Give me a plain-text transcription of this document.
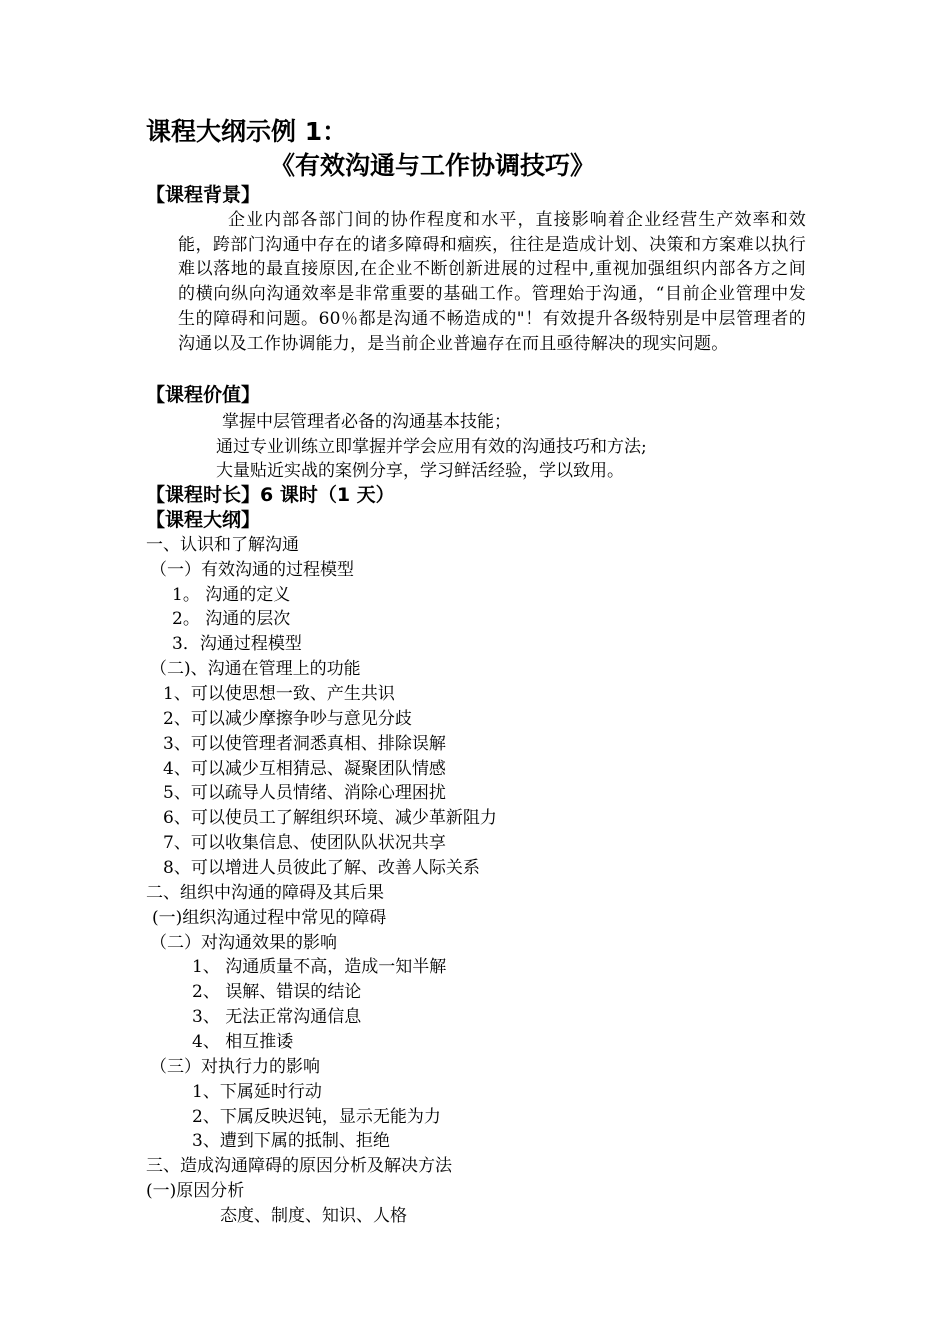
课程大纲示例 1：
《有效沟通与工作协调技巧》
【课程背景】
企业内部各部门间的协作程度和水平，直接影响着企业经营生产效率和效能，跨部门沟通中存在的诸多障碍和痼疾，往往是造成计划、决策和方案难以执行难以落地的最直接原因,在企业不断创新进展的过程中,重视加强组织内部各方之间的横向纵向沟通效率是非常重要的基础工作。管理始于沟通，“目前企业管理中发生的障碍和问题。60％都是沟通不畅造成的"！有效提升各级特别是中层管理者的沟通以及工作协调能力，是当前企业普遍存在而且亟待解决的现实问题。
【课程价值】
掌握中层管理者必备的沟通基本技能；
通过专业训练立即掌握并学会应用有效的沟通技巧和方法;
大量贴近实战的案例分享，学习鲜活经验，学以致用。
【课程时长】6 课时（1 天）
【课程大纲】
一、认识和了解沟通
（一）有效沟通的过程模型
1。 沟通的定义
2。 沟通的层次
3．沟通过程模型
（二)、沟通在管理上的功能
1、可以使思想一致、产生共识
2、可以减少摩擦争吵与意见分歧
3、可以使管理者洞悉真相、排除误解
4、可以减少互相猜忌、凝聚团队情感
5、可以疏导人员情绪、消除心理困扰
6、可以使员工了解组织环境、减少革新阻力
7、可以收集信息、使团队队状况共享
8、可以增进人员彼此了解、改善人际关系
二、组织中沟通的障碍及其后果
(一)组织沟通过程中常见的障碍
（二）对沟通效果的影响
1、 沟通质量不高，造成一知半解
2、 误解、错误的结论
3、 无法正常沟通信息
4、 相互推诿
（三）对执行力的影响
1、下属延时行动
2、下属反映迟钝，显示无能为力
3、遭到下属的抵制、拒绝
三、造成沟通障碍的原因分析及解决方法
(一)原因分析
态度、制度、知识、人格
